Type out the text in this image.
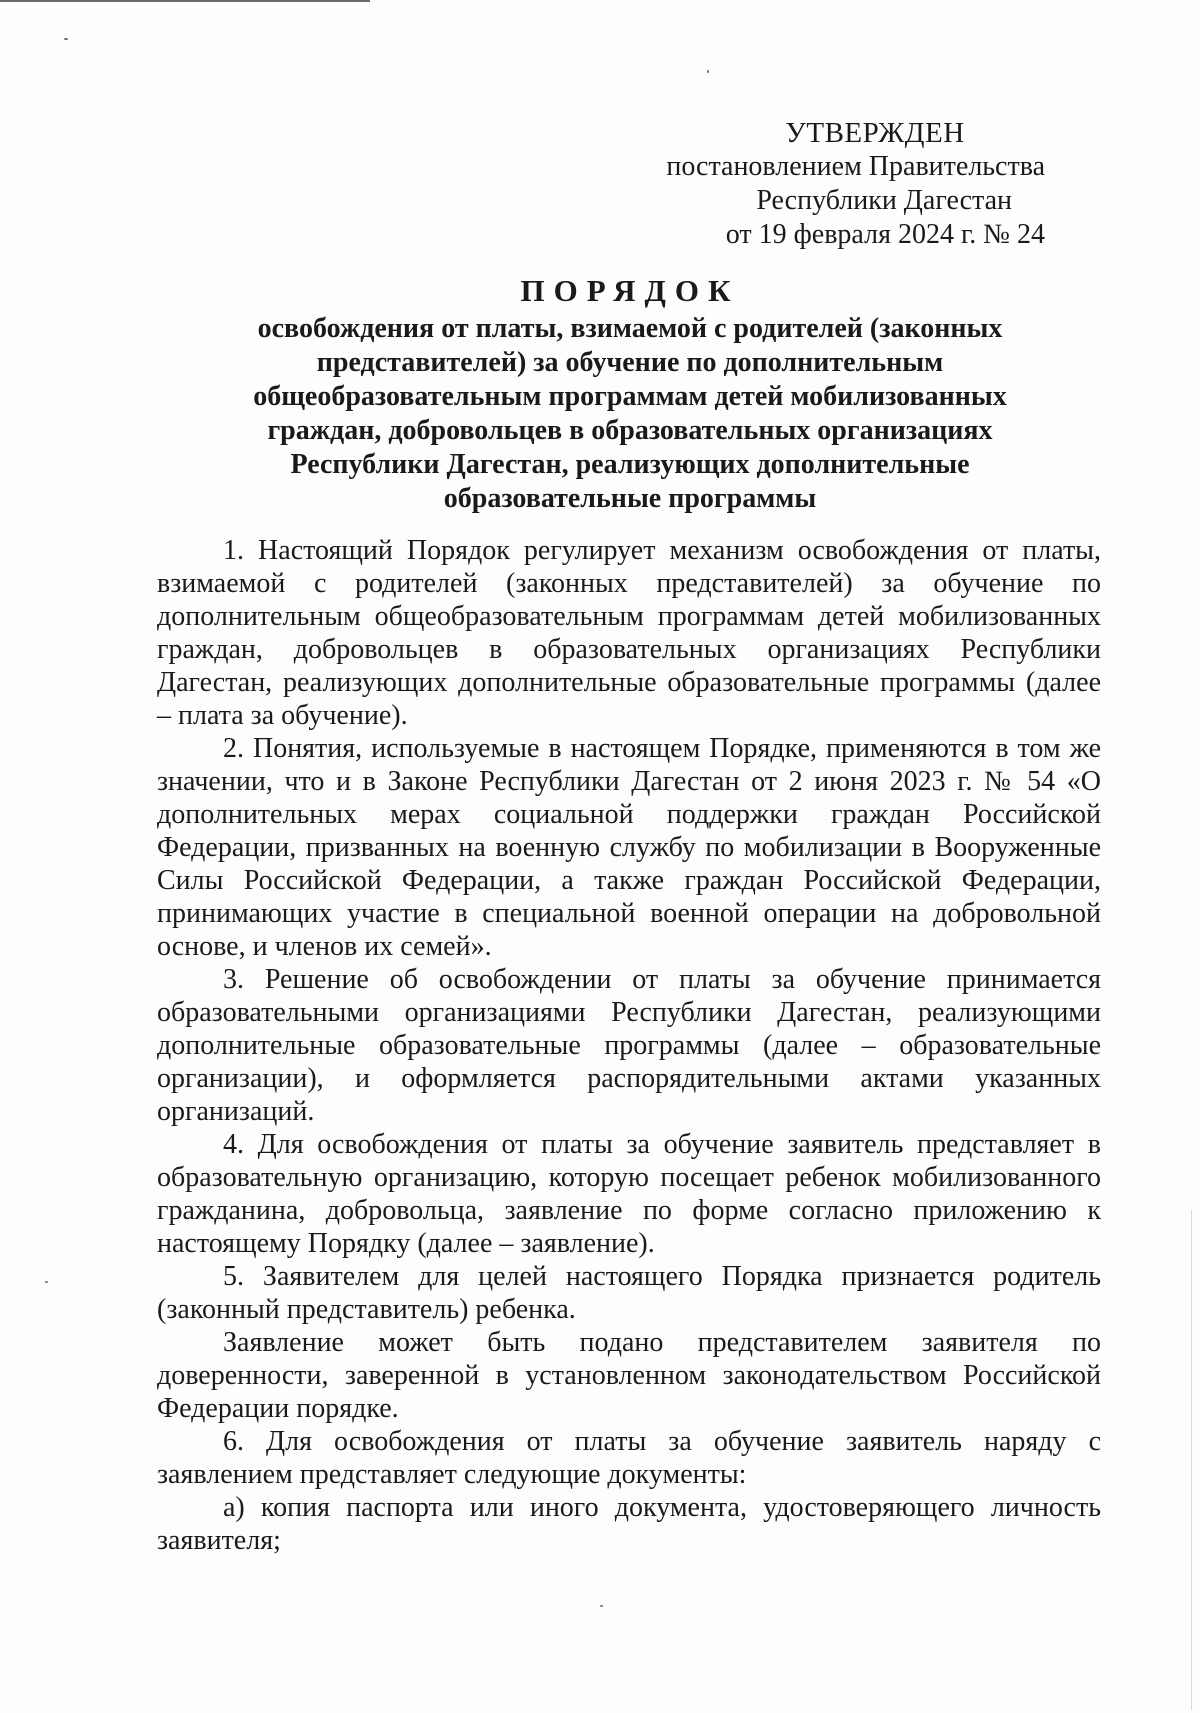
УТВЕРЖДЕН
постановлением Правительства
Республики Дагестан
от 19 февраля 2024 г. № 24
ПОРЯДОК
освобождения от платы, взимаемой с родителей (законных представителей) за обучение по дополнительным общеобразовательным программам детей мобилизованных граждан, добровольцев в образовательных организациях Республики Дагестан, реализующих дополнительные образовательные программы

1. Настоящий Порядок регулирует механизм освобождения от платы, взимаемой с родителей (законных представителей) за обучение по дополнительным общеобразовательным программам детей мобилизованных граждан, добровольцев в образовательных организациях Республики Дагестан, реализующих дополнительные образовательные программы (далее – плата за обучение).

2. Понятия, используемые в настоящем Порядке, применяются в том же значении, что и в Законе Республики Дагестан от 2 июня 2023 г. № 54 «О дополнительных мерах социальной поддержки граждан Российской Федерации, призванных на военную службу по мобилизации в Вооруженные Силы Российской Федерации, а также граждан Российской Федерации, принимающих участие в специальной военной операции на добровольной основе, и членов их семей».

3. Решение об освобождении от платы за обучение принимается образовательными организациями Республики Дагестан, реализующими дополнительные образовательные программы (далее – образовательные организации), и оформляется распорядительными актами указанных организаций.

4. Для освобождения от платы за обучение заявитель представляет в образовательную организацию, которую посещает ребенок мобилизованного гражданина, добровольца, заявление по форме согласно приложению к настоящему Порядку (далее – заявление).

5. Заявителем для целей настоящего Порядка признается родитель (законный представитель) ребенка.

Заявление может быть подано представителем заявителя по доверенности, заверенной в установленном законодательством Российской Федерации порядке.

6. Для освобождения от платы за обучение заявитель наряду с заявлением представляет следующие документы:

а) копия паспорта или иного документа, удостоверяющего личность заявителя;
